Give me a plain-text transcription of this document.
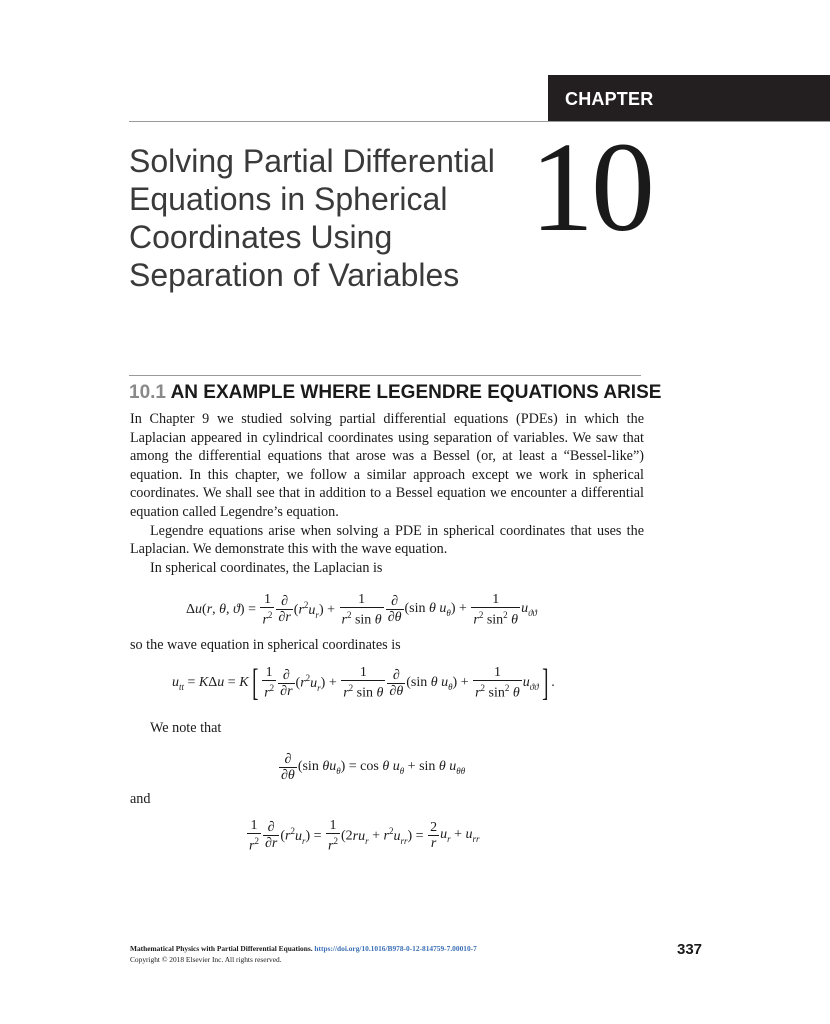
CHAPTER
Solving Partial Differential
Equations in Spherical
Coordinates Using
Separation of Variables
10
10.1 AN EXAMPLE WHERE LEGENDRE EQUATIONS ARISE

In Chapter 9 we studied solving partial differential equations (PDEs) in which the Laplacian appeared in cylindrical coordinates using separation of variables. We saw that among the differential equations that arose was a Bessel (or, at least a “Bessel-like”) equation. In this chapter, we follow a similar approach except we work in spherical coordinates. We shall see that in addition to a Bessel equation we encounter a differential equation called Legendre’s equation.

Legendre equations arise when solving a PDE in spherical coordinates that uses the Laplacian. We demonstrate this with the wave equation.

In spherical coordinates, the Laplacian is

Δu(r, θ, $ϑ) = \frac{1}{r^2} \frac{\partial}{\partial r} (r^2u_r) + \frac{1}{r^2 \sin \theta} \frac{\partial}{\partial\theta} (\sin$ θ $u_\theta) + \frac{1}{r^2 \sin^2 \theta} u_{ϑϑ}$
so the wave equation in spherical coordinates is
$u_{tt} = K\Delta u = K$ [ $\frac{1}{r^2} \frac{\partial}{\partial r} (r^2u_r) + \frac{1}{r^2 \sin \theta} \frac{\partial}{\partial\theta} (\sin$ θ $u_\theta) + \frac{1}{r^2 \sin^2 \theta} u_{ϑϑ}$ ] .
We note that
$\frac{\partial}{\partial\theta} (\sin$ $\theta u_\theta) = \cos \theta$ $u_\theta + \sin \theta$ $u_{\theta\theta}$
and
$\frac{1}{r^2} \frac{\partial}{\partial r} (r^2u_r) = \frac{1}{r^2} (2ru_r + r^2u_{rr}) = \frac{2}{r} u_r + u_{rr}$
Mathematical Physics with Partial Differential Equations. https://doi.org/10.1016/B978-0-12-814759-7.00010-7
Copyright © 2018 Elsevier Inc. All rights reserved.
337
